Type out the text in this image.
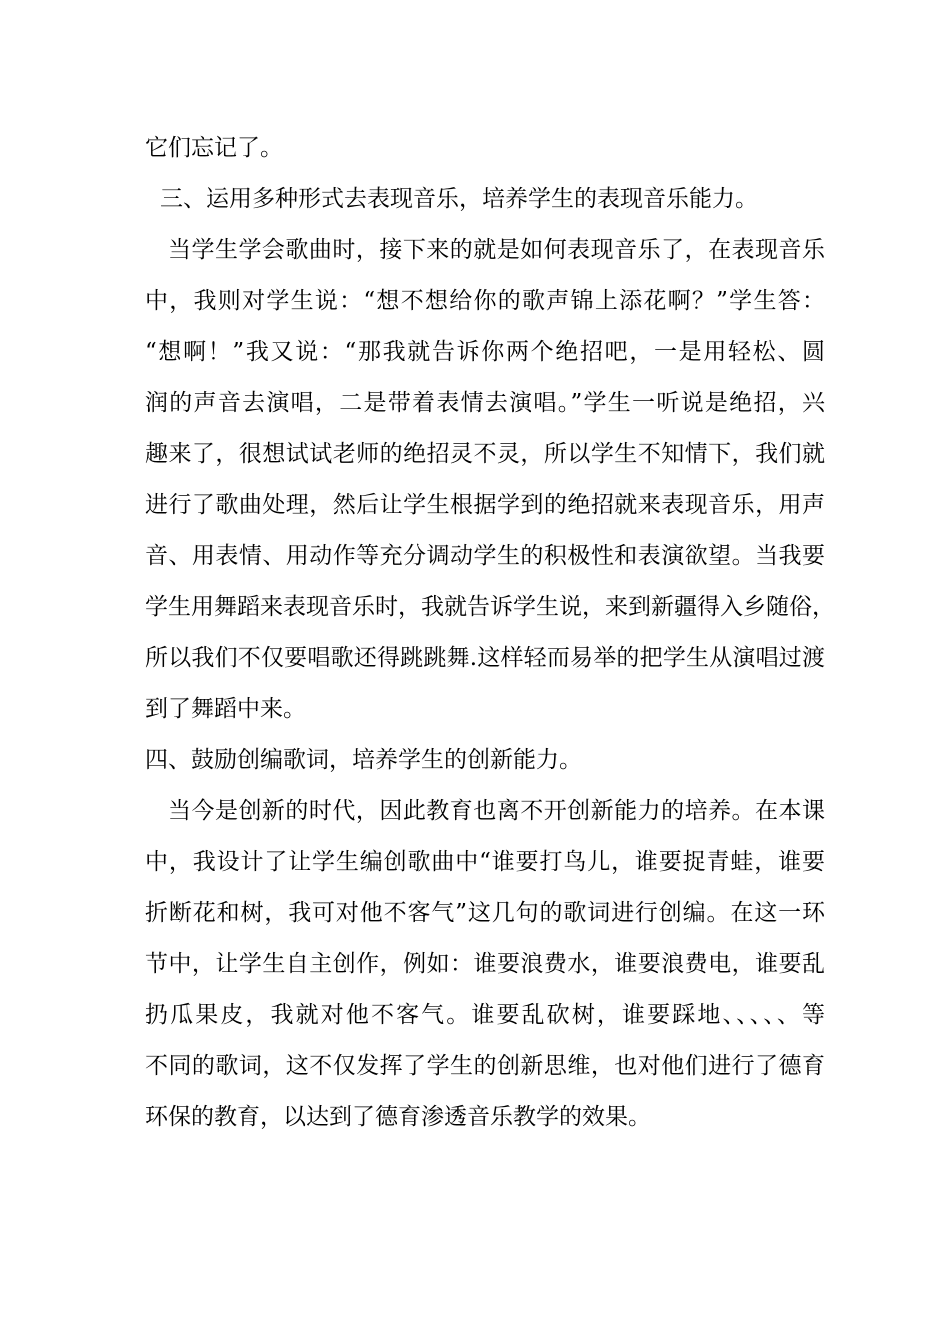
它们忘记了。
三、运用多种形式去表现音乐，培养学生的表现音乐能力。
当学生学会歌曲时，接下来的就是如何表现音乐了，在表现音乐
中，我则对学生说：“想不想给你的歌声锦上添花啊？”学生答：
“想啊！”我又说：“那我就告诉你两个绝招吧，一是用轻松、圆
润的声音去演唱，二是带着表情去演唱。”学生一听说是绝招，兴
趣来了，很想试试老师的绝招灵不灵，所以学生不知情下，我们就
进行了歌曲处理，然后让学生根据学到的绝招就来表现音乐，用声
音、用表情、用动作等充分调动学生的积极性和表演欲望。当我要
学生用舞蹈来表现音乐时，我就告诉学生说，来到新疆得入乡随俗，
所以我们不仅要唱歌还得跳跳舞.这样轻而易举的把学生从演唱过渡
到了舞蹈中来。
四、鼓励创编歌词，培养学生的创新能力。
当今是创新的时代，因此教育也离不开创新能力的培养。在本课
中，我设计了让学生编创歌曲中“谁要打鸟儿，谁要捉青蛙，谁要
折断花和树，我可对他不客气”这几句的歌词进行创编。在这一环
节中，让学生自主创作，例如：谁要浪费水，谁要浪费电，谁要乱
扔瓜果皮，我就对他不客气。谁要乱砍树，谁要踩地、、、、、等
不同的歌词，这不仅发挥了学生的创新思维，也对他们进行了德育
环保的教育，以达到了德育渗透音乐教学的效果。
